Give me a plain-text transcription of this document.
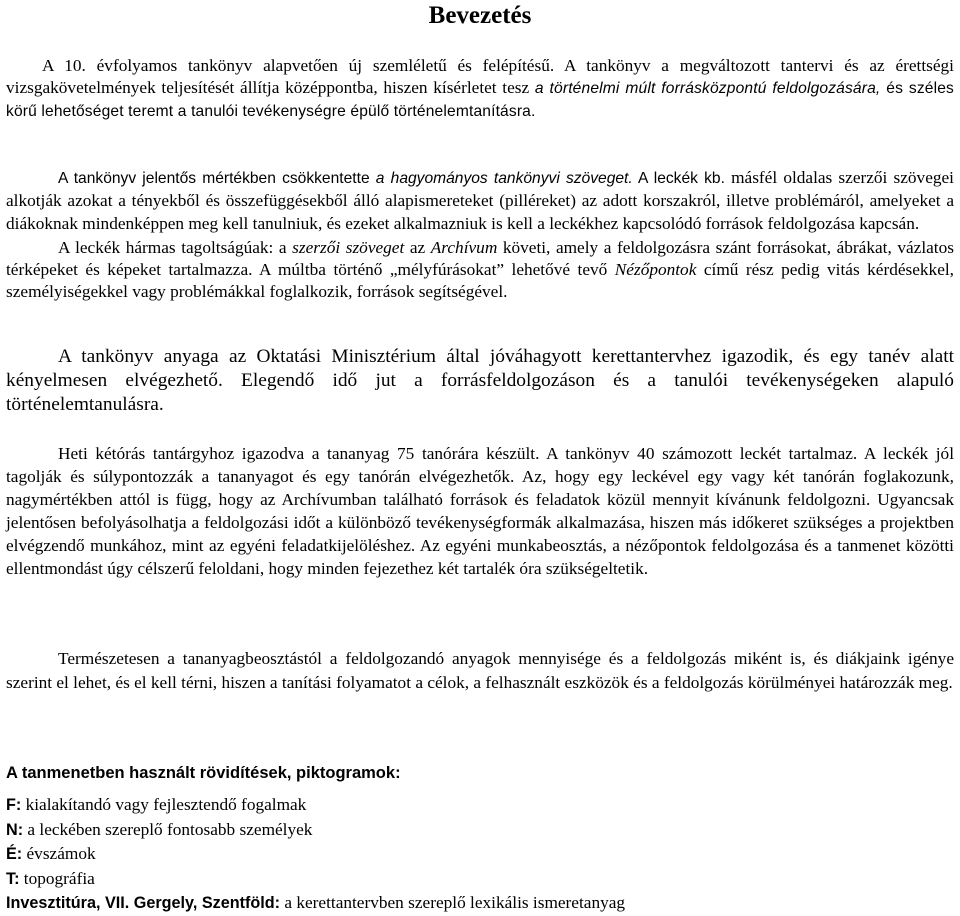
Bevezetés

A 10. évfolyamos tankönyv alapvetően új szemléletű és felépítésű. A tankönyv a megváltozott tantervi és az érettségi vizsgakövetelmények teljesítését állítja középpontba, hiszen kísérletet tesz a történelmi múlt forrásközpontú feldolgozására, és széles körű lehetőséget teremt a tanulói tevékenységre épülő történelemtanításra.

A tankönyv jelentős mértékben csökkentette a hagyományos tankönyvi szöveget. A leckék kb. másfél oldalas szerzői szövegei alkotják azokat a tényekből és összefüggésekből álló alapismereteket (pilléreket) az adott korszakról, illetve problémáról, amelyeket a diákoknak mindenképpen meg kell tanulniuk, és ezeket alkalmazniuk is kell a leckékhez kapcsolódó források feldolgozása kapcsán.

A leckék hármas tagoltságúak: a szerzői szöveget az Archívum követi, amely a feldolgozásra szánt forrásokat, ábrákat, vázlatos térképeket és képeket tartalmazza. A múltba történő „mélyfúrásokat” lehetővé tevő Nézőpontok című rész pedig vitás kérdésekkel, személyiségekkel vagy problémákkal foglalkozik, források segítségével.

A tankönyv anyaga az Oktatási Minisztérium által jóváhagyott kerettantervhez igazodik, és egy tanév alatt kényelmesen elvégezhető. Elegendő idő jut a forrásfeldolgozáson és a tanulói tevékenységeken alapuló történelemtanulásra.

Heti kétórás tantárgyhoz igazodva a tananyag 75 tanórára készült. A tankönyv 40 számozott leckét tartalmaz. A leckék jól tagolják és súlypontozzák a tananyagot és egy tanórán elvégezhetők. Az, hogy egy leckével egy vagy két tanórán foglakozunk, nagymértékben attól is függ, hogy az Archívumban található források és feladatok közül mennyit kívánunk feldolgozni. Ugyancsak jelentősen befolyásolhatja a feldolgozási időt a különböző tevékenységformák alkalmazása, hiszen más időkeret szükséges a projektben elvégzendő munkához, mint az egyéni feladatkijelöléshez. Az egyéni munkabeosztás, a nézőpontok feldolgozása és a tanmenet közötti ellentmondást úgy célszerű feloldani, hogy minden fejezethez két tartalék óra szükségeltetik.

Természetesen a tananyagbeosztástól a feldolgozandó anyagok mennyisége és a feldolgozás miként is, és diákjaink igénye szerint el lehet, és el kell térni, hiszen a tanítási folyamatot a célok, a felhasznált eszközök és a feldolgozás körülményei határozzák meg.

A tanmenetben használt rövidítések, piktogramok:

F: kialakítandó vagy fejlesztendő fogalmak
N: a leckében szereplő fontosabb személyek
É: évszámok
T: topográfia
Invesztitúra, VII. Gergely, Szentföld: a kerettantervben szereplő lexikális ismeretanyag
